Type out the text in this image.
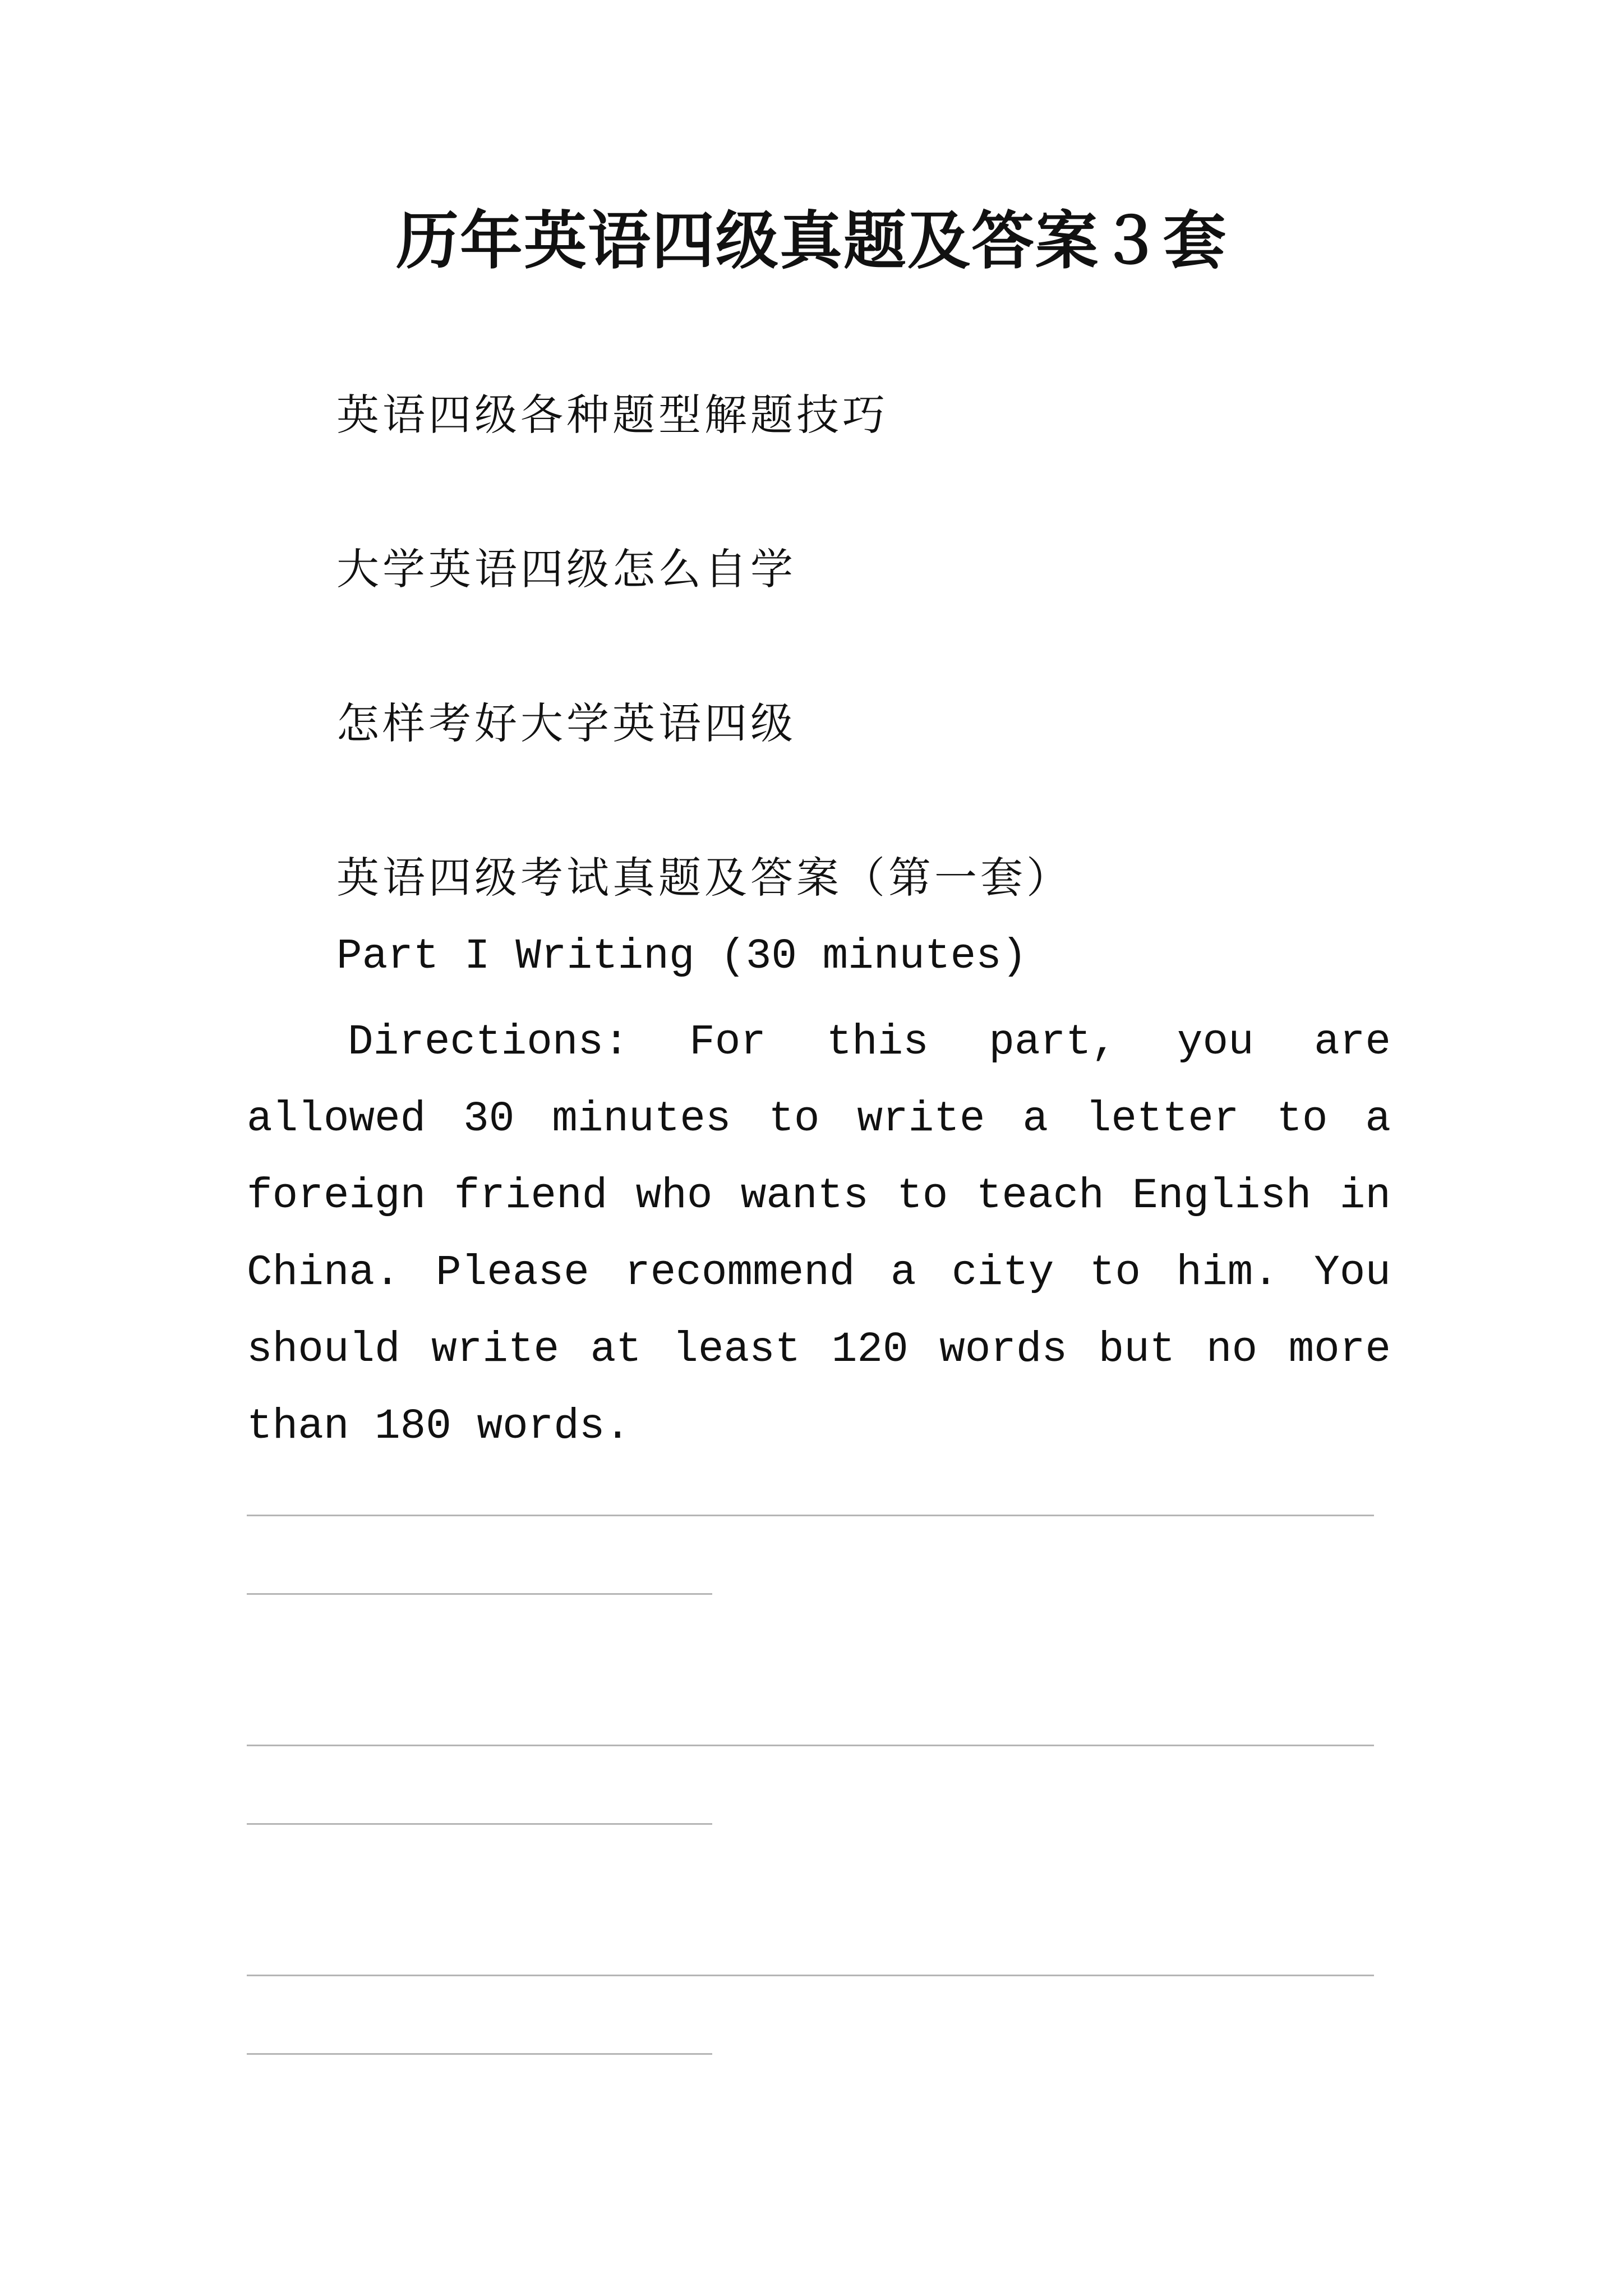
历年英语四级真题及答案３套
英语四级各种题型解题技巧
大学英语四级怎么自学
怎样考好大学英语四级
英语四级考试真题及答案（第一套）
Part I Writing (30 minutes)

Directions: For this part, you are allowed 30 minutes to write a letter to a foreign friend who wants to teach English in China. Please recommend a city to him. You should write at least 120 words but no more than 180 words.
